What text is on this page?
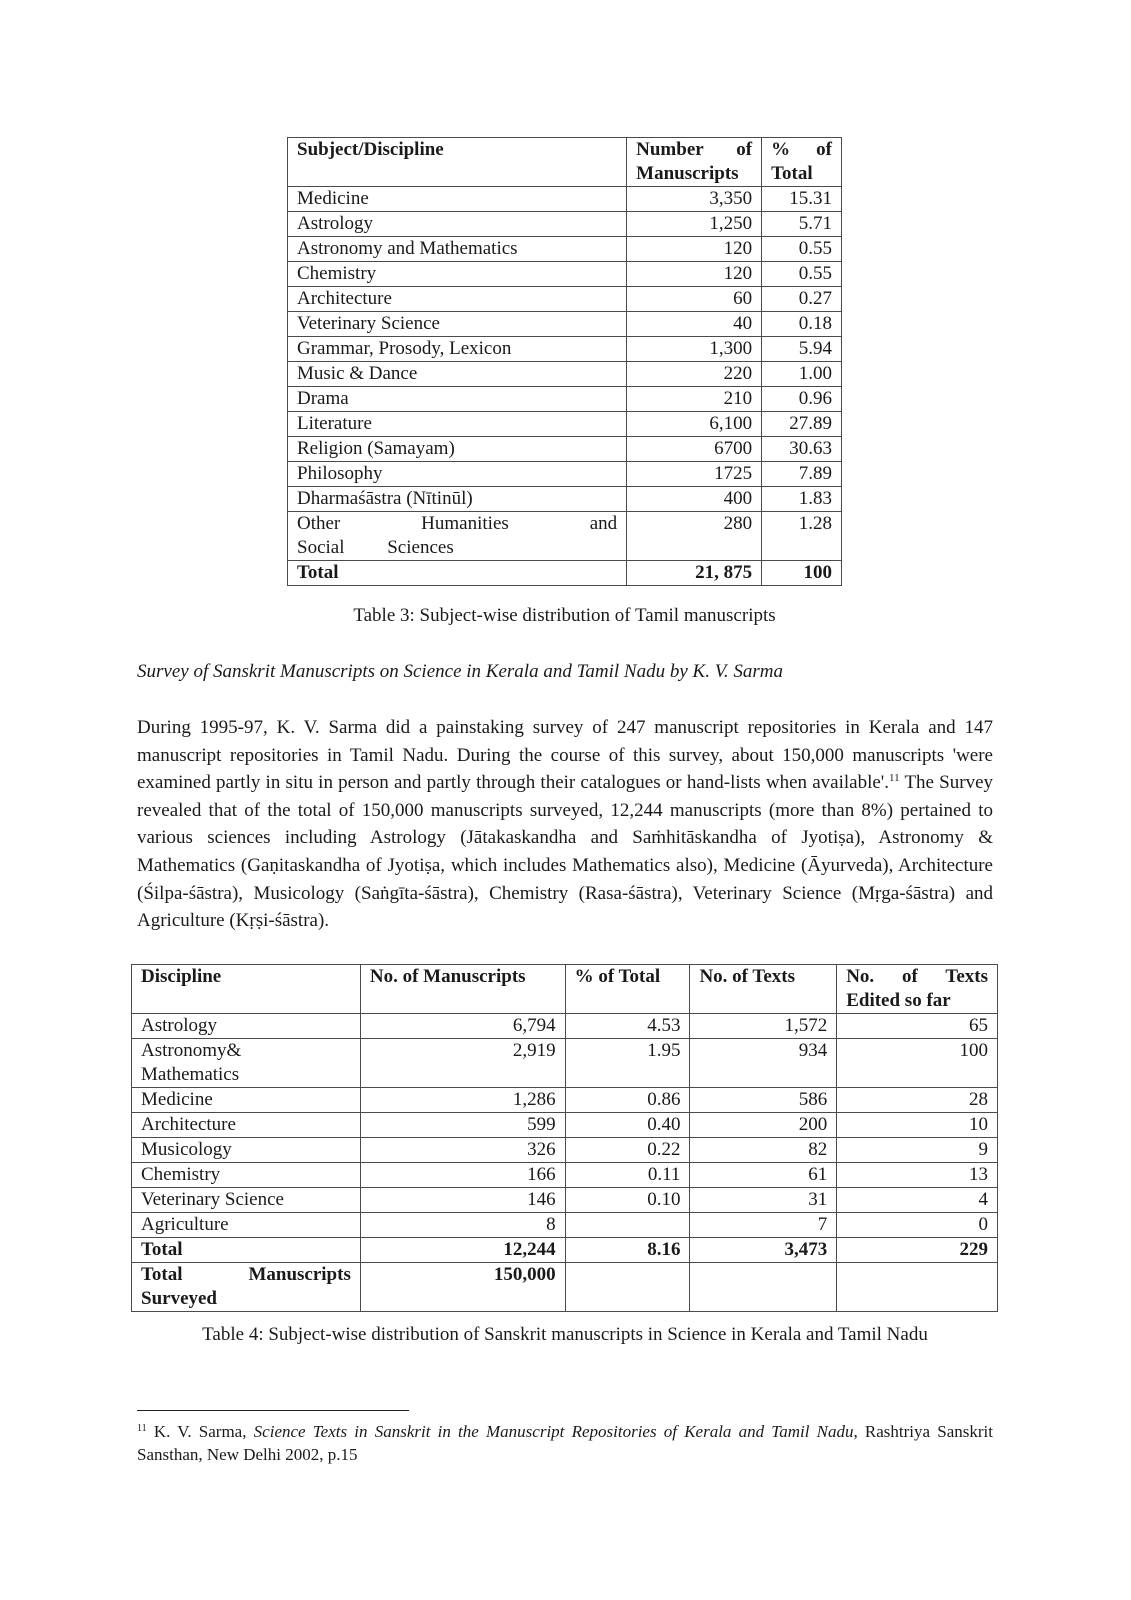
Subject/Discipline	Number of Manuscripts	% of Total
Medicine	3,350	15.31
Astrology	1,250	5.71
Astronomy and Mathematics	120	0.55
Chemistry	120	0.55
Architecture	60	0.27
Veterinary Science	40	0.18
Grammar, Prosody, Lexicon	1,300	5.94
Music & Dance	220	1.00
Drama	210	0.96
Literature	6,100	27.89
Religion (Samayam)	6700	30.63
Philosophy	1725	7.89
Dharmaśāstra (Nītinūl)	400	1.83
Other Humanities and Social Sciences	280	1.28
Total	21, 875	100
Table 3: Subject-wise distribution of Tamil manuscripts
Survey of Sanskrit Manuscripts on Science in Kerala and Tamil Nadu by K. V. Sarma

During 1995-97, K. V. Sarma did a painstaking survey of 247 manuscript repositories in Kerala and 147 manuscript repositories in Tamil Nadu. During the course of this survey, about 150,000 manuscripts 'were examined partly in situ in person and partly through their catalogues or hand-lists when available'.$^{11}$ The Survey revealed that of the total of 150,000 manuscripts surveyed, 12,244 manuscripts (more than 8%) pertained to various sciences including Astrology (Jātakaskandha and Saṁhitāskandha of Jyotiṣa), Astronomy & Mathematics (Gaṇitaskandha of Jyotiṣa, which includes Mathematics also), Medicine (Āyurveda), Architecture (Śilpa-śāstra), Musicology (Saṅgīta-śāstra), Chemistry (Rasa-śāstra), Veterinary Science (Mṛga-śāstra) and Agriculture (Kṛṣi-śāstra).

Discipline	No. of Manuscripts	% of Total	No. of Texts	No. of Texts Edited so far
Astrology	6,794	4.53	1,572	65
Astronomy& Mathematics	2,919	1.95	934	100
Medicine	1,286	0.86	586	28
Architecture	599	0.40	200	10
Musicology	326	0.22	82	9
Chemistry	166	0.11	61	13
Veterinary Science	146	0.10	31	4
Agriculture	8		7	0
Total	12,244	8.16	3,473	229
Total Manuscripts Surveyed	150,000			
Table 4: Subject-wise distribution of Sanskrit manuscripts in Science in Kerala and Tamil Nadu

$^{11}$ K. V. Sarma, Science Texts in Sanskrit in the Manuscript Repositories of Kerala and Tamil Nadu, Rashtriya Sanskrit Sansthan, New Delhi 2002, p.15
